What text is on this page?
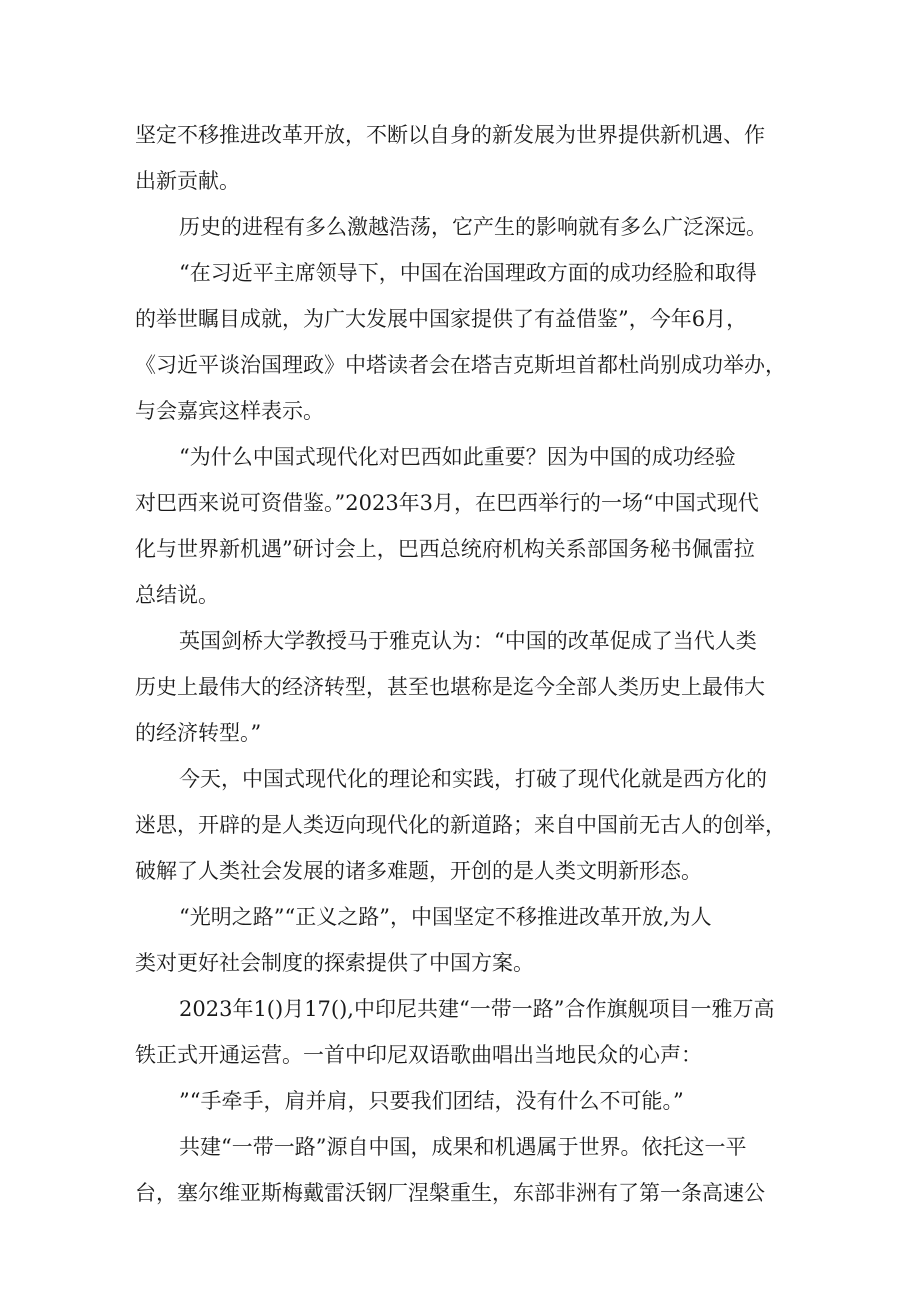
坚定不移推进改革开放，不断以自身的新发展为世界提供新机遇、作
出新贡献。
历史的进程有多么激越浩荡，它产生的影响就有多么广泛深远。
“在习近平主席领导下，中国在治国理政方面的成功经脸和取得
的举世瞩目成就，为广大发展中国家提供了有益借鉴”，今年6月，
《习近平谈治国理政》中塔读者会在塔吉克斯坦首都杜尚别成功举办，
与会嘉宾这样表示。
“为什么中国式现代化对巴西如此重要？因为中国的成功经验
对巴西来说可资借鉴。”2023年3月，在巴西举行的一场“中国式现代
化与世界新机遇”研讨会上，巴西总统府机构关系部国务秘书佩雷拉
总结说。
英国剑桥大学教授马于雅克认为：“中国的改革促成了当代人类
历史上最伟大的经济转型，甚至也堪称是迄今全部人类历史上最伟大
的经济转型。”
今天，中国式现代化的理论和实践，打破了现代化就是西方化的
迷思，开辟的是人类迈向现代化的新道路；来自中国前无古人的创举，
破解了人类社会发展的诸多难题，开创的是人类文明新形态。
“光明之路”“正义之路”，中国坚定不移推进改革开放,为人
类对更好社会制度的探索提供了中国方案。
2023年1()月17(),中印尼共建“一带一路”合作旗舰项目一雅万高
铁正式开通运营。一首中印尼双语歌曲唱出当地民众的心声：
”“手牵手，肩并肩，只要我们团结，没有什么不可能。”
共建“一带一路”源自中国，成果和机遇属于世界。依托这一平
台，塞尔维亚斯梅戴雷沃钢厂涅槃重生，东部非洲有了第一条高速公
